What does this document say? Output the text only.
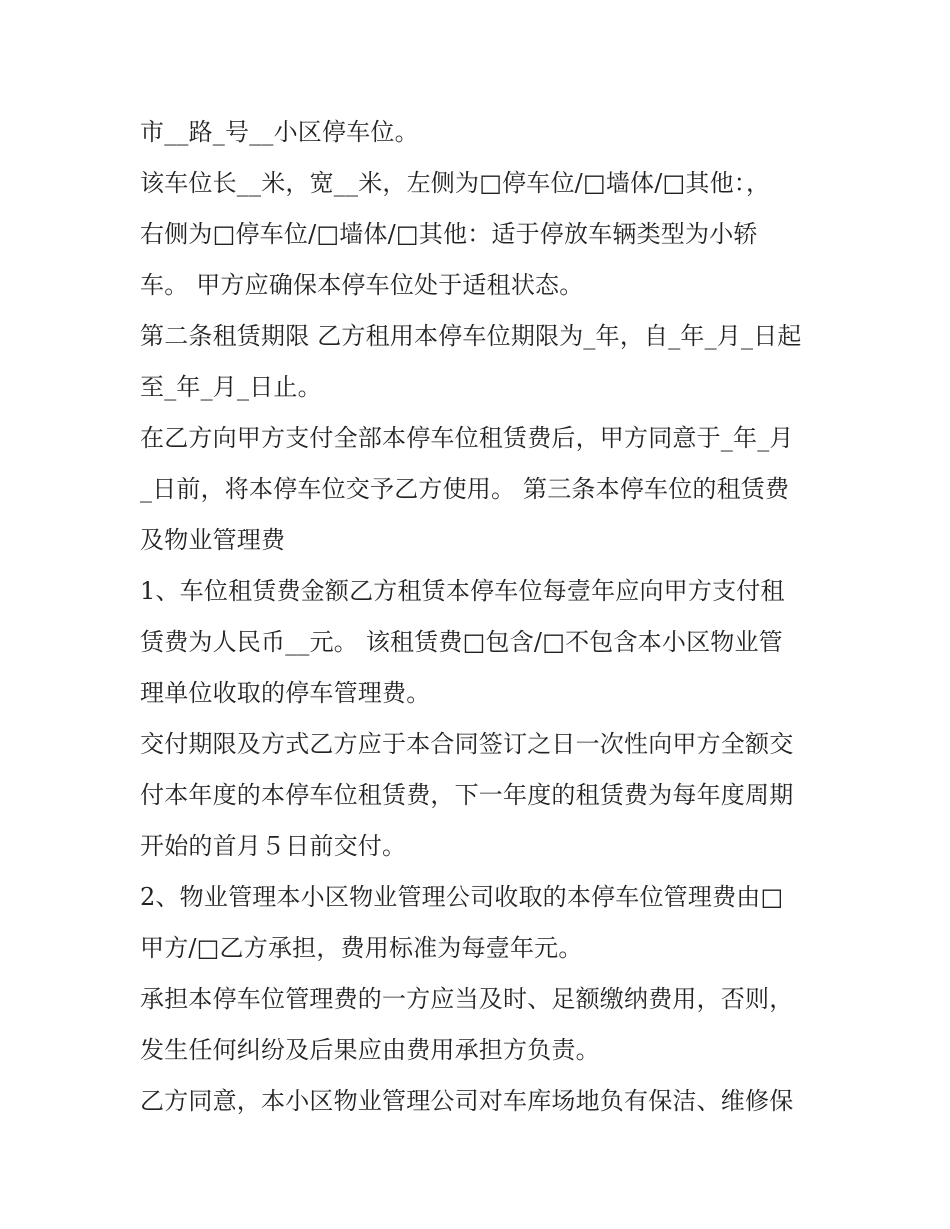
市__路_号__小区停车位。
该车位长__米，宽__米，左侧为□停车位/□墙体/□其他：，
右侧为□停车位/□墙体/□其他：适于停放车辆类型为小轿
车。 甲方应确保本停车位处于适租状态。
第二条租赁期限 乙方租用本停车位期限为_年，自_年_月_日起
至_年_月_日止。
在乙方向甲方支付全部本停车位租赁费后，甲方同意于_年_月
_日前，将本停车位交予乙方使用。 第三条本停车位的租赁费
及物业管理费
1、车位租赁费金额乙方租赁本停车位每壹年应向甲方支付租
赁费为人民币__元。 该租赁费□包含/□不包含本小区物业管
理单位收取的停车管理费。
交付期限及方式乙方应于本合同签订之日一次性向甲方全额交
付本年度的本停车位租赁费，下一年度的租赁费为每年度周期
开始的首月５日前交付。
2、物业管理本小区物业管理公司收取的本停车位管理费由□
甲方/□乙方承担，费用标准为每壹年元。
承担本停车位管理费的一方应当及时、足额缴纳费用，否则，
发生任何纠纷及后果应由费用承担方负责。
乙方同意，本小区物业管理公司对车库场地负有保洁、维修保
